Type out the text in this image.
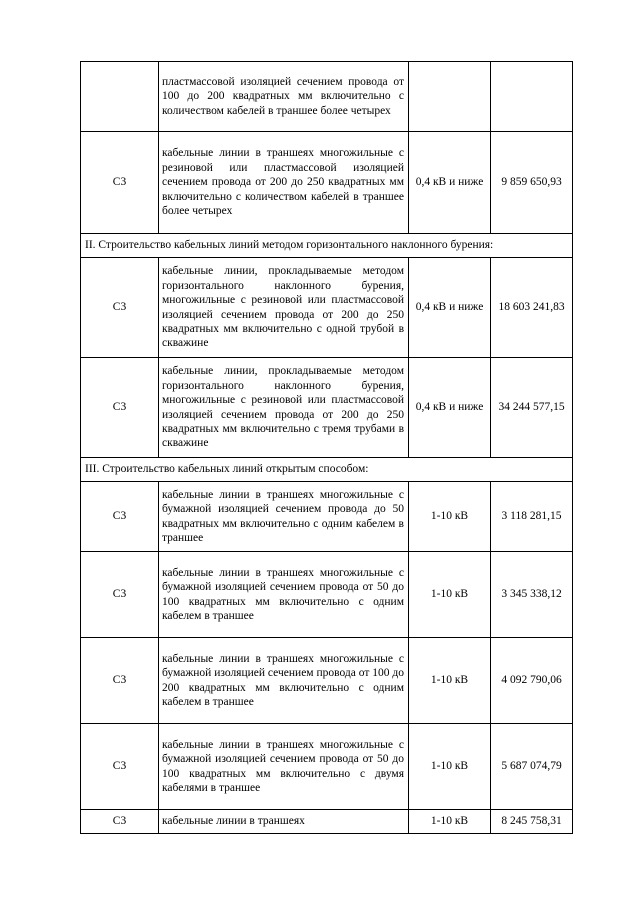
	пластмассовой изоляцией сечением провода от 100 до 200 квадратных мм включительно с количеством кабелей в траншее более четырех		
С3	кабельные линии в траншеях многожильные с резиновой или пластмассовой изоляцией сечением провода от 200 до 250 квадратных мм включительно с количеством кабелей в траншее более четырех	0,4 кВ и ниже	9 859 650,93
II. Строительство кабельных линий методом горизонтального наклонного бурения:			
С3	кабельные линии, прокладываемые методом горизонтального наклонного бурения, многожильные с резиновой или пластмассовой изоляцией сечением провода от 200 до 250 квадратных мм включительно с одной трубой в скважине	0,4 кВ и ниже	18 603 241,83
С3	кабельные линии, прокладываемые методом горизонтального наклонного бурения, многожильные с резиновой или пластмассовой изоляцией сечением провода от 200 до 250 квадратных мм включительно с тремя трубами в скважине	0,4 кВ и ниже	34 244 577,15
III. Строительство кабельных линий открытым способом:			
С3	кабельные линии в траншеях многожильные с бумажной изоляцией сечением провода до 50 квадратных мм включительно с одним кабелем в траншее	1-10 кВ	3 118 281,15
С3	кабельные линии в траншеях многожильные с бумажной изоляцией сечением провода от 50 до 100 квадратных мм включительно с одним кабелем в траншее	1-10 кВ	3 345 338,12
С3	кабельные линии в траншеях многожильные с бумажной изоляцией сечением провода от 100 до 200 квадратных мм включительно с одним кабелем в траншее	1-10 кВ	4 092 790,06
С3	кабельные линии в траншеях многожильные с бумажной изоляцией сечением провода от 50 до 100 квадратных мм включительно с двумя кабелями в траншее	1-10 кВ	5 687 074,79
С3	кабельные линии в траншеях	1-10 кВ	8 245 758,31
